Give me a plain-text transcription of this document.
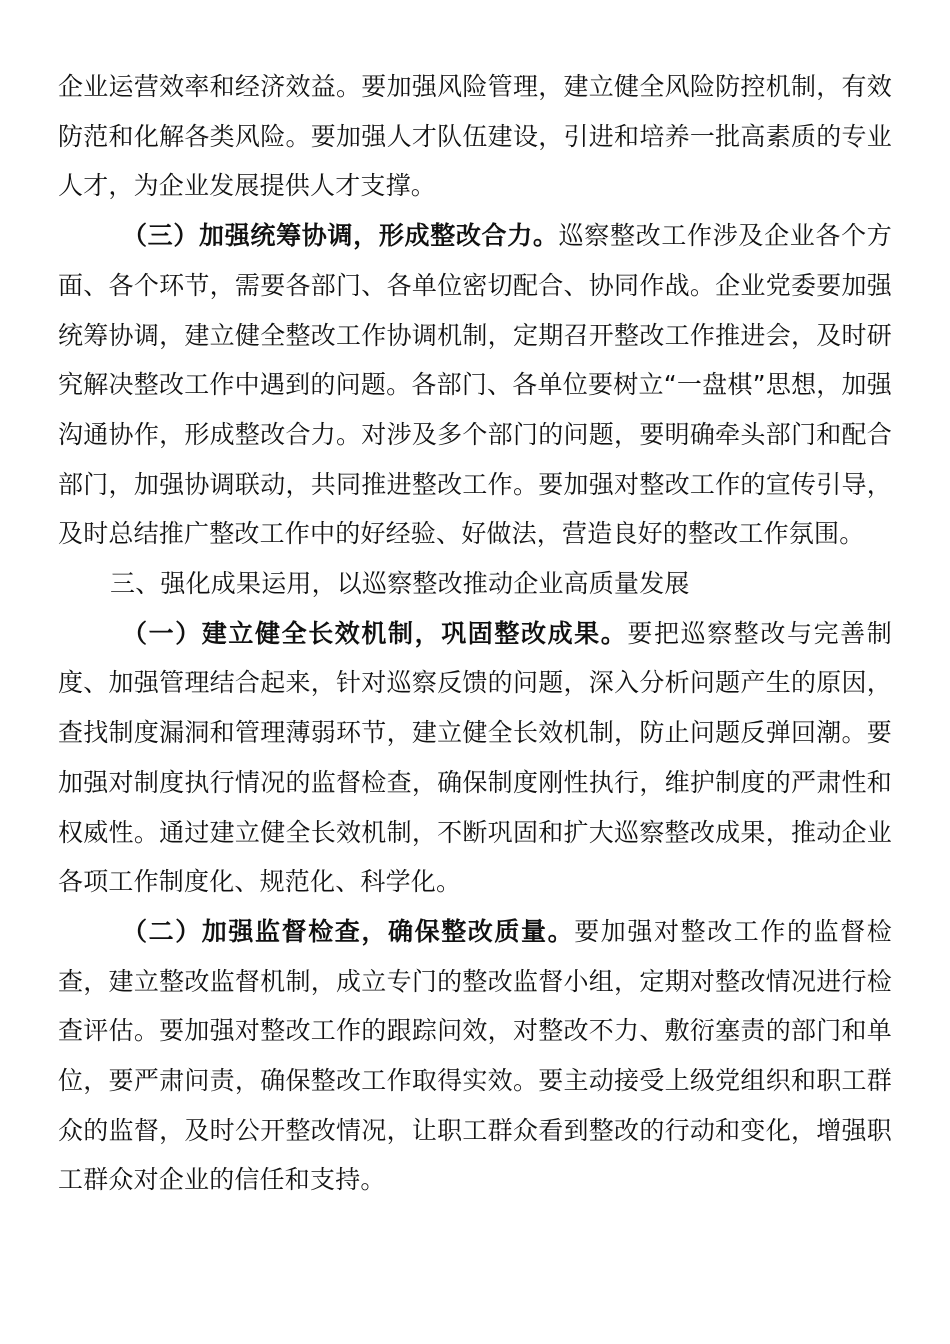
企业运营效率和经济效益。要加强风险管理，建立健全风险防控机制，有效防范和化解各类风险。要加强人才队伍建设，引进和培养一批高素质的专业人才，为企业发展提供人才支撑。

（三）加强统筹协调，形成整改合力。巡察整改工作涉及企业各个方面、各个环节，需要各部门、各单位密切配合、协同作战。企业党委要加强统筹协调，建立健全整改工作协调机制，定期召开整改工作推进会，及时研究解决整改工作中遇到的问题。各部门、各单位要树立“一盘棋”思想，加强沟通协作，形成整改合力。对涉及多个部门的问题，要明确牵头部门和配合部门，加强协调联动，共同推进整改工作。要加强对整改工作的宣传引导，及时总结推广整改工作中的好经验、好做法，营造良好的整改工作氛围。

三、强化成果运用，以巡察整改推动企业高质量发展

（一）建立健全长效机制，巩固整改成果。要把巡察整改与完善制度、加强管理结合起来，针对巡察反馈的问题，深入分析问题产生的原因，查找制度漏洞和管理薄弱环节，建立健全长效机制，防止问题反弹回潮。要加强对制度执行情况的监督检查，确保制度刚性执行，维护制度的严肃性和权威性。通过建立健全长效机制，不断巩固和扩大巡察整改成果，推动企业各项工作制度化、规范化、科学化。

（二）加强监督检查，确保整改质量。要加强对整改工作的监督检查，建立整改监督机制，成立专门的整改监督小组，定期对整改情况进行检查评估。要加强对整改工作的跟踪问效，对整改不力、敷衍塞责的部门和单位，要严肃问责，确保整改工作取得实效。要主动接受上级党组织和职工群众的监督，及时公开整改情况，让职工群众看到整改的行动和变化，增强职工群众对企业的信任和支持。
